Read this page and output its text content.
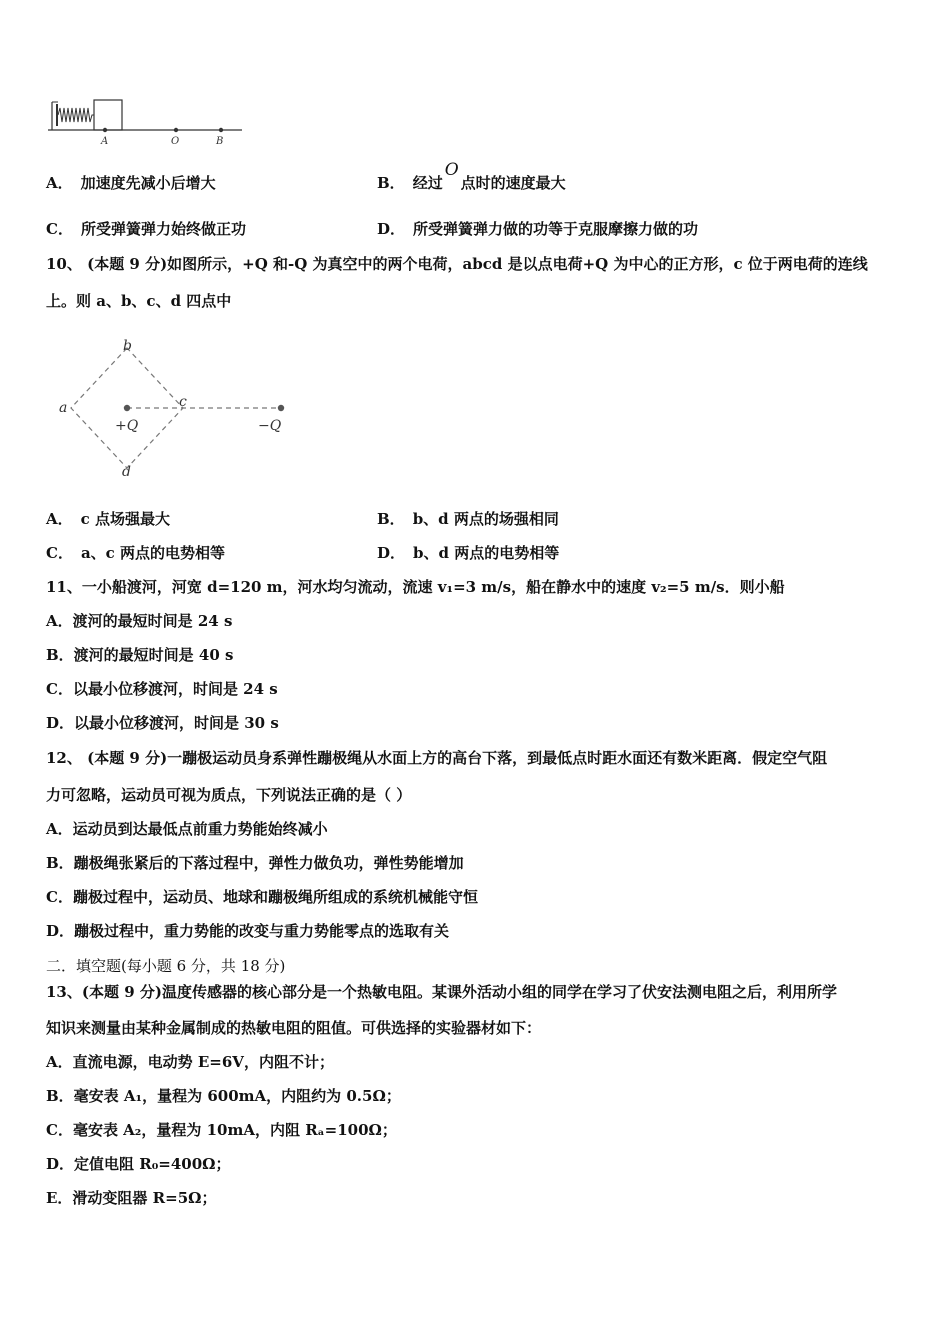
A	O	B
A． 加速度先减小后增大	B． 经过O点时的速度最大
C． 所受弹簧弹力始终做正功	D． 所受弹簧弹力做的功等于克服摩擦力做的功
10、 (本题 9 分)如图所示，+Q 和-Q 为真空中的两个电荷，abcd 是以点电荷+Q 为中心的正方形，c 位于两电荷的连线
上。则 a、b、c、d 四点中
b
a	c
d
+Q	−Q
A． c 点场强最大	B． b、d 两点的场强相同
C． a、c 两点的电势相等	D． b、d 两点的电势相等
11、一小船渡河，河宽 d=120 m，河水均匀流动，流速 v₁=3 m/s，船在静水中的速度 v₂=5 m/s．则小船
A．渡河的最短时间是 24 s
B．渡河的最短时间是 40 s
C．以最小位移渡河，时间是 24 s
D．以最小位移渡河，时间是 30 s
12、 (本题 9 分)一蹦极运动员身系弹性蹦极绳从水面上方的高台下落，到最低点时距水面还有数米距离．假定空气阻
力可忽略，运动员可视为质点，下列说法正确的是（ ）
A．运动员到达最低点前重力势能始终减小
B．蹦极绳张紧后的下落过程中，弹性力做负功，弹性势能增加
C．蹦极过程中，运动员、地球和蹦极绳所组成的系统机械能守恒
D．蹦极过程中，重力势能的改变与重力势能零点的选取有关
二．填空题(每小题 6 分，共 18 分)
13、(本题 9 分)温度传感器的核心部分是一个热敏电阻。某课外活动小组的同学在学习了伏安法测电阻之后，利用所学
知识来测量由某种金属制成的热敏电阻的阻值。可供选择的实验器材如下：
A．直流电源，电动势 E=6V，内阻不计；
B．毫安表 A₁，量程为 600mA，内阻约为 0.5Ω；
C．毫安表 A₂，量程为 10mA，内阻 Rₐ=100Ω；
D．定值电阻 R₀=400Ω；
E．滑动变阻器 R=5Ω；
